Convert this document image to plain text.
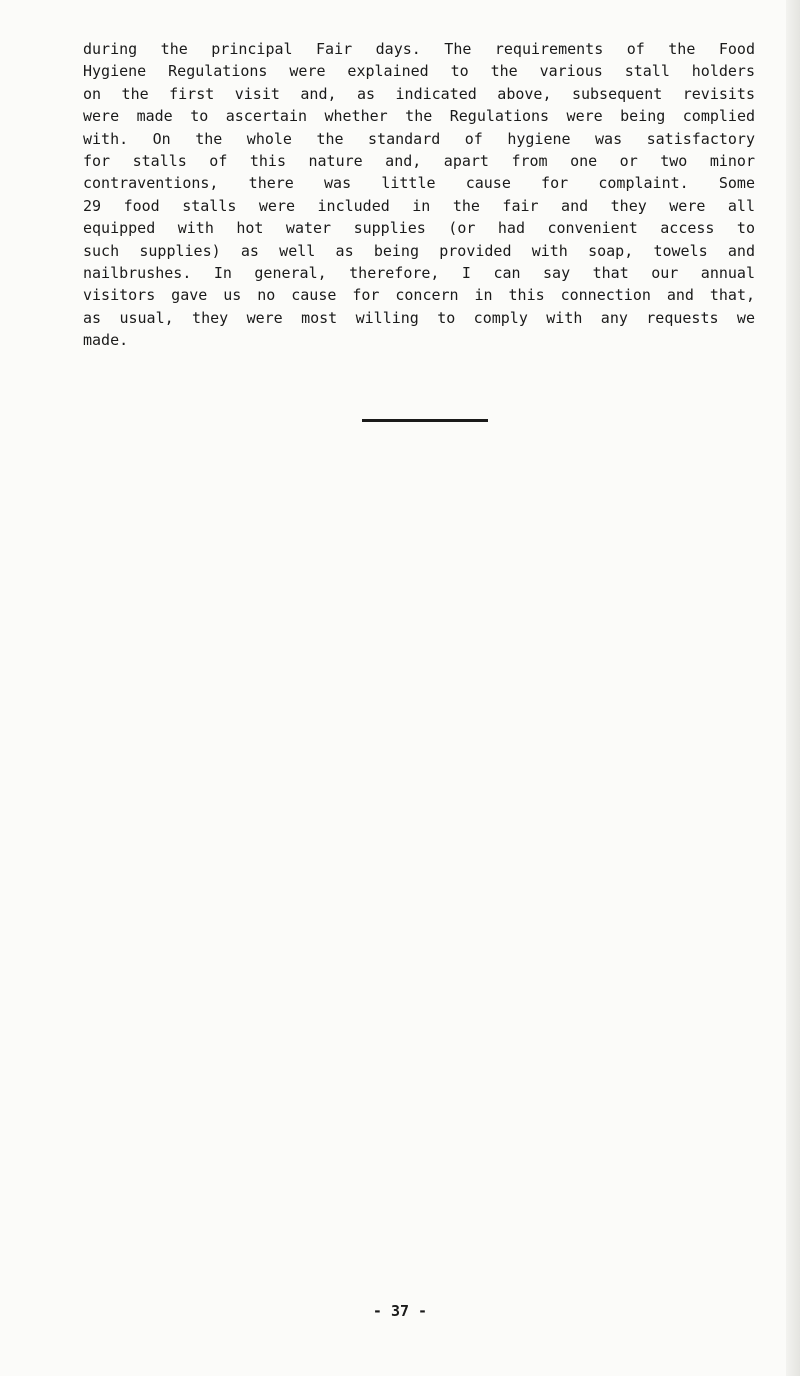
during the principal Fair days. The requirements of the Food
Hygiene Regulations were explained to the various stall holders
on the first visit and, as indicated above, subsequent revisits
were made to ascertain whether the Regulations were being complied
with. On the whole the standard of hygiene was satisfactory
for stalls of this nature and, apart from one or two minor
contraventions, there was little cause for complaint. Some
29 food stalls were included in the fair and they were all
equipped with hot water supplies (or had convenient access to
such supplies) as well as being provided with soap, towels and
nailbrushes. In general, therefore, I can say that our annual
visitors gave us no cause for concern in this connection and that,
as usual, they were most willing to comply with any requests we
made.
- 37 -
